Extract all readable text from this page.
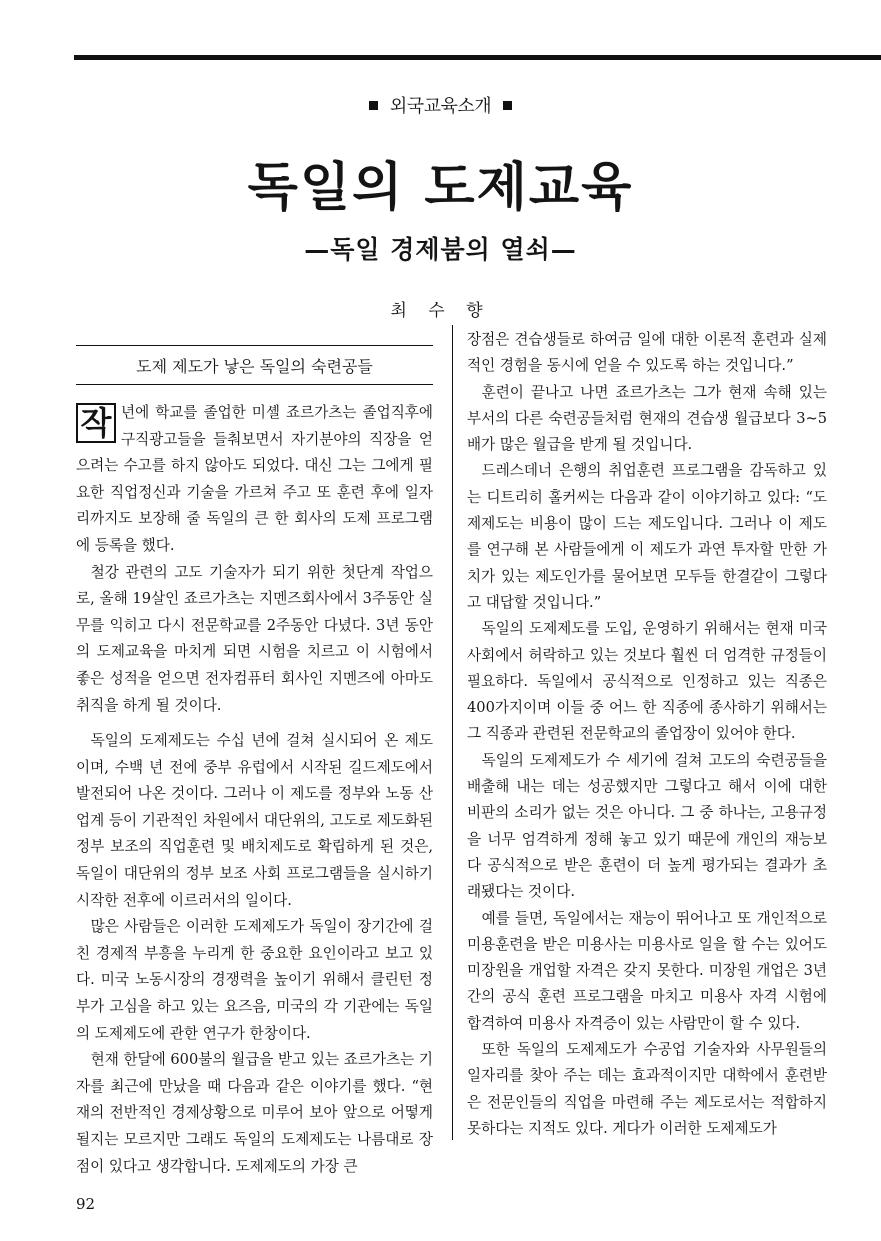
외국교육소개
독일의 도제교육
—독일 경제붐의 열쇠—
최 수 향
도제 제도가 낳은 독일의 숙련공들

작 년에 학교를 졸업한 미셸 죠르가츠는 졸업직후에 구직광고들을 들춰보면서 자기분야의 직장을 얻으려는 수고를 하지 않아도 되었다. 대신 그는 그에게 필요한 직업정신과 기술을 가르쳐 주고 또 훈련 후에 일자리까지도 보장해 줄 독일의 큰 한 회사의 도제 프로그램에 등록을 했다.

철강 관련의 고도 기술자가 되기 위한 첫단계 작업으로, 올해 19살인 죠르가츠는 지멘즈회사에서 3주동안 실무를 익히고 다시 전문학교를 2주동안 다녔다. 3년 동안의 도제교육을 마치게 되면 시험을 치르고 이 시험에서 좋은 성적을 얻으면 전자컴퓨터 회사인 지멘즈에 아마도 취직을 하게 될 것이다.

독일의 도제제도는 수십 년에 걸쳐 실시되어 온 제도이며, 수백 년 전에 중부 유럽에서 시작된 길드제도에서 발전되어 나온 것이다. 그러나 이 제도를 정부와 노동 산업계 등이 기관적인 차원에서 대단위의, 고도로 제도화된 정부 보조의 직업훈련 및 배치제도로 확립하게 된 것은, 독일이 대단위의 정부 보조 사회 프로그램들을 실시하기 시작한 전후에 이르러서의 일이다.

많은 사람들은 이러한 도제제도가 독일이 장기간에 걸친 경제적 부흥을 누리게 한 중요한 요인이라고 보고 있다. 미국 노동시장의 경쟁력을 높이기 위해서 클린턴 정부가 고심을 하고 있는 요즈음, 미국의 각 기관에는 독일의 도제제도에 관한 연구가 한창이다.

현재 한달에 600불의 월급을 받고 있는 죠르가츠는 기자를 최근에 만났을 때 다음과 같은 이야기를 했다. “현재의 전반적인 경제상황으로 미루어 보아 앞으로 어떻게 될지는 모르지만 그래도 독일의 도제제도는 나름대로 장점이 있다고 생각합니다. 도제제도의 가장 큰

장점은 견습생들로 하여금 일에 대한 이론적 훈련과 실제적인 경험을 동시에 얻을 수 있도록 하는 것입니다.”

훈련이 끝나고 나면 죠르가츠는 그가 현재 속해 있는 부서의 다른 숙련공들처럼 현재의 견습생 월급보다 3~5배가 많은 월급을 받게 될 것입니다.

드레스데너 은행의 취업훈련 프로그램을 감독하고 있는 디트리히 홀커씨는 다음과 같이 이야기하고 있다: “도제제도는 비용이 많이 드는 제도입니다. 그러나 이 제도를 연구해 본 사람들에게 이 제도가 과연 투자할 만한 가치가 있는 제도인가를 물어보면 모두들 한결같이 그렇다고 대답할 것입니다.”

독일의 도제제도를 도입, 운영하기 위해서는 현재 미국사회에서 허락하고 있는 것보다 훨씬 더 엄격한 규정들이 필요하다. 독일에서 공식적으로 인정하고 있는 직종은 400가지이며 이들 중 어느 한 직종에 종사하기 위해서는 그 직종과 관련된 전문학교의 졸업장이 있어야 한다.

독일의 도제제도가 수 세기에 걸쳐 고도의 숙련공들을 배출해 내는 데는 성공했지만 그렇다고 해서 이에 대한 비판의 소리가 없는 것은 아니다. 그 중 하나는, 고용규정을 너무 엄격하게 정해 놓고 있기 때문에 개인의 재능보다 공식적으로 받은 훈련이 더 높게 평가되는 결과가 초래됐다는 것이다.

예를 들면, 독일에서는 재능이 뛰어나고 또 개인적으로 미용훈련을 받은 미용사는 미용사로 일을 할 수는 있어도 미장원을 개업할 자격은 갖지 못한다. 미장원 개업은 3년간의 공식 훈련 프로그램을 마치고 미용사 자격 시험에 합격하여 미용사 자격증이 있는 사람만이 할 수 있다.

또한 독일의 도제제도가 수공업 기술자와 사무원들의 일자리를 찾아 주는 데는 효과적이지만 대학에서 훈련받은 전문인들의 직업을 마련해 주는 제도로서는 적합하지 못하다는 지적도 있다. 게다가 이러한 도제제도가

92
